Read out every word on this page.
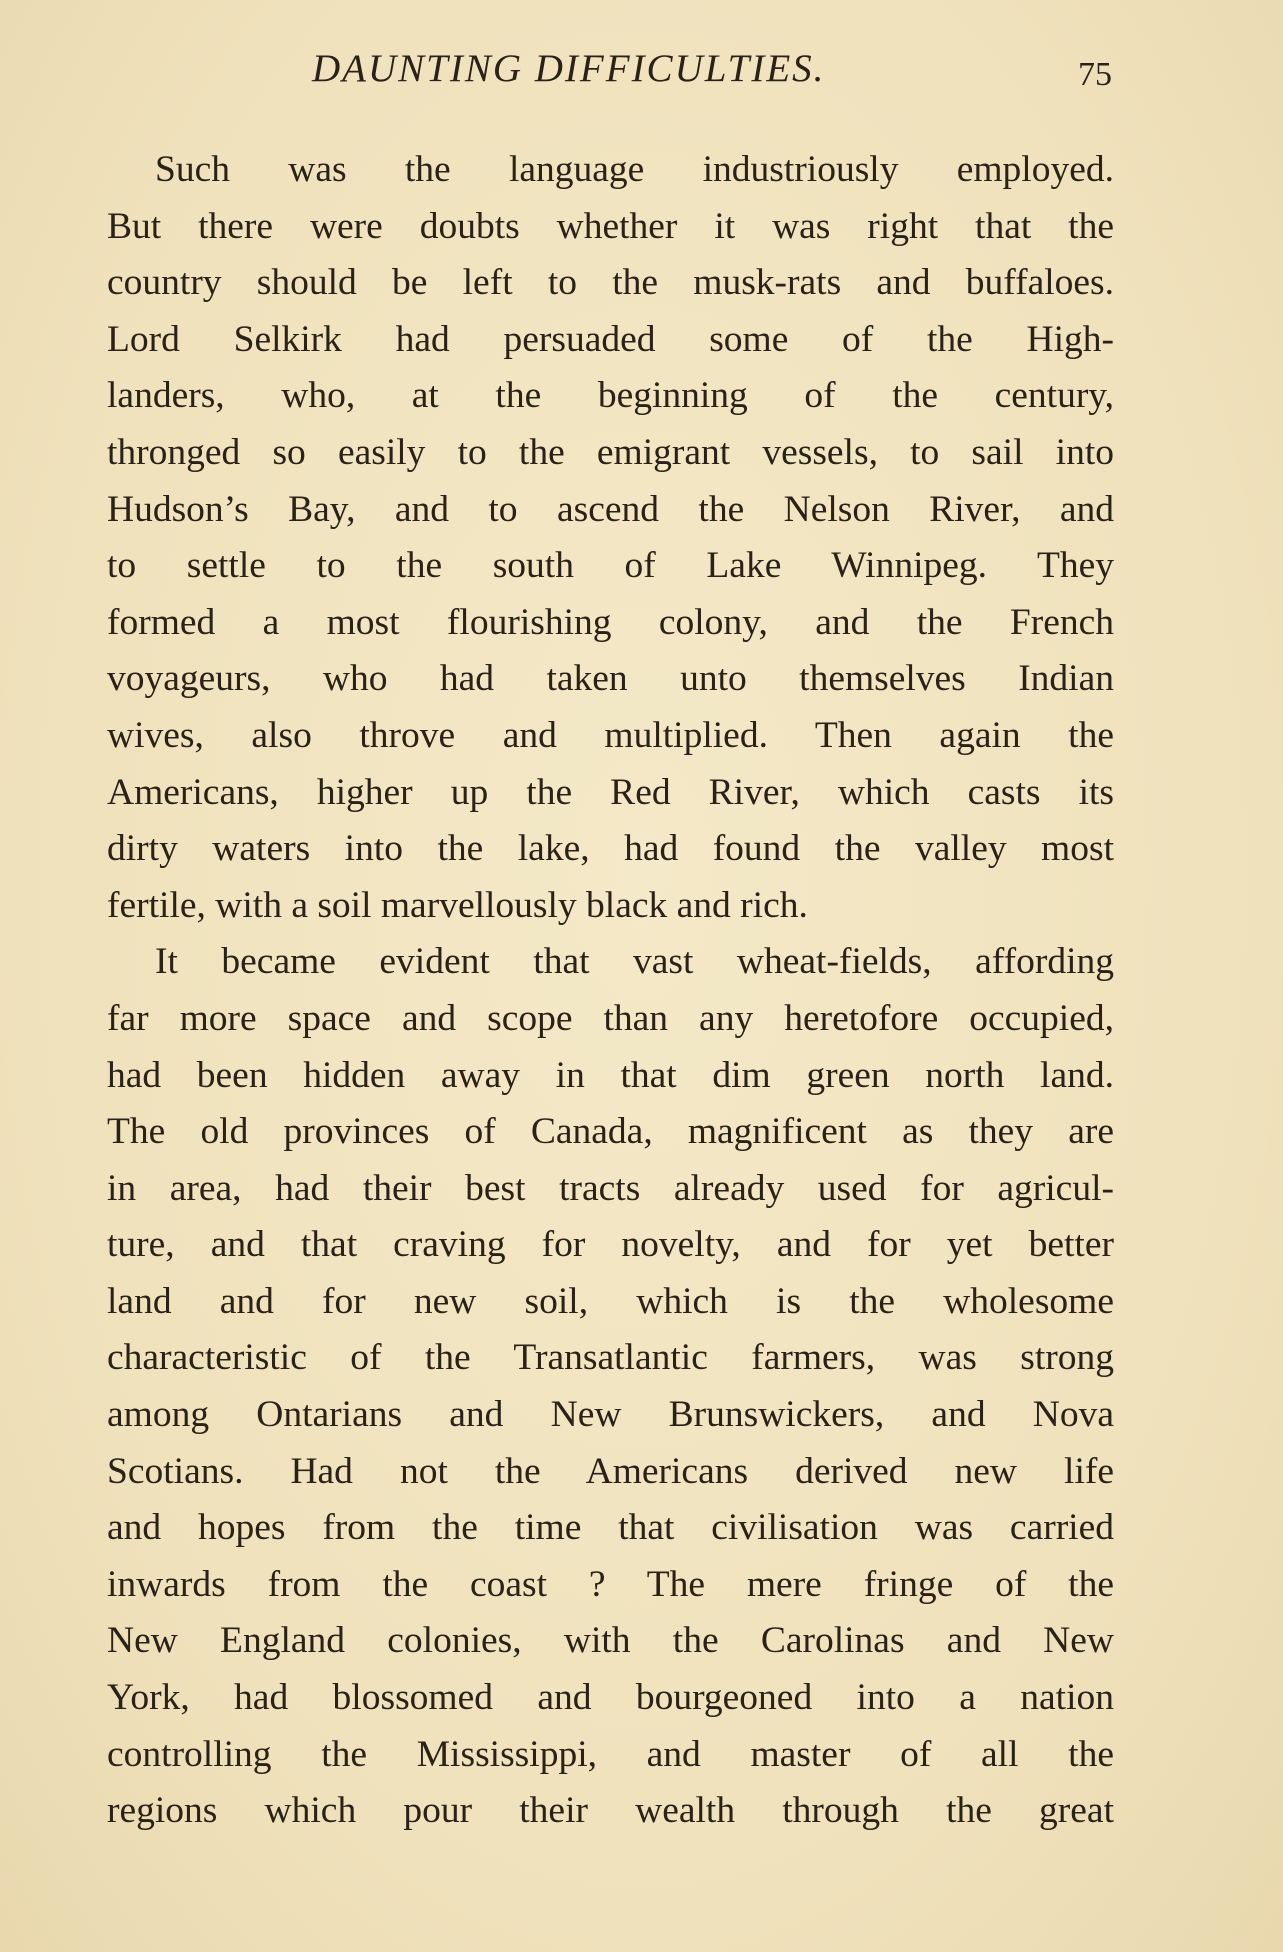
DAUNTING DIFFICULTIES.	75
Such was the language industriously employed.
But there were doubts whether it was right that the
country should be left to the musk-rats and buffaloes.
Lord Selkirk had persuaded some of the High-
landers, who, at the beginning of the century,
thronged so easily to the emigrant vessels, to sail into
Hudson’s Bay, and to ascend the Nelson River, and
to settle to the south of Lake Winnipeg. They
formed a most flourishing colony, and the French
voyageurs, who had taken unto themselves Indian
wives, also throve and multiplied. Then again the
Americans, higher up the Red River, which casts its
dirty waters into the lake, had found the valley most
fertile, with a soil marvellously black and rich.
It became evident that vast wheat-fields, affording
far more space and scope than any heretofore occupied,
had been hidden away in that dim green north land.
The old provinces of Canada, magnificent as they are
in area, had their best tracts already used for agricul-
ture, and that craving for novelty, and for yet better
land and for new soil, which is the wholesome
characteristic of the Transatlantic farmers, was strong
among Ontarians and New Brunswickers, and Nova
Scotians. Had not the Americans derived new life
and hopes from the time that civilisation was carried
inwards from the coast ? The mere fringe of the
New England colonies, with the Carolinas and New
York, had blossomed and bourgeoned into a nation
controlling the Mississippi, and master of all the
regions which pour their wealth through the great
